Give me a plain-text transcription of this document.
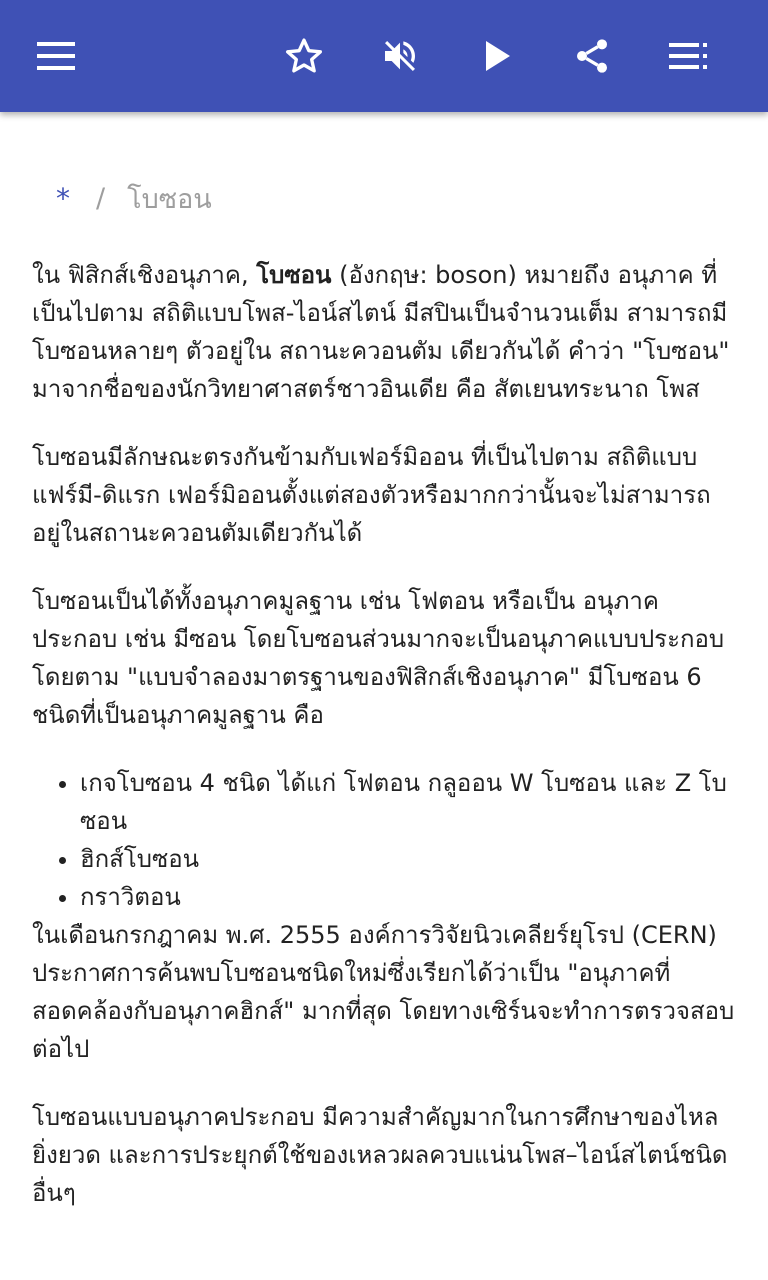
* / โบซอน

ใน ฟิสิกส์เชิงอนุภาค, โบซอน (อังกฤษ: boson) หมายถึง อนุภาค ที่เป็นไปตาม สถิติแบบโพส-ไอน์สไตน์ มีสปินเป็นจำนวนเต็ม สามารถมีโบซอนหลายๆ ตัวอยู่ใน สถานะควอนตัม เดียวกันได้ คำว่า "โบซอน" มาจากชื่อของนักวิทยาศาสตร์ชาวอินเดีย คือ สัตเยนทระนาถ โพส

โบซอนมีลักษณะตรงกันข้ามกับเฟอร์มิออน ที่เป็นไปตาม สถิติแบบแฟร์มี-ดิแรก เฟอร์มิออนตั้งแต่สองตัวหรือมากกว่านั้นจะไม่สามารถอยู่ในสถานะควอนตัมเดียวกันได้

โบซอนเป็นได้ทั้งอนุภาคมูลฐาน เช่น โฟตอน หรือเป็น อนุภาคประกอบ เช่น มีซอน โดยโบซอนส่วนมากจะเป็นอนุภาคแบบประกอบ โดยตาม "แบบจำลองมาตรฐานของฟิสิกส์เชิงอนุภาค" มีโบซอน 6 ชนิดที่เป็นอนุภาคมูลฐาน คือ

• เกจโบซอน 4 ชนิด ได้แก่ โฟตอน กลูออน W โบซอน และ Z โบซอน
• ฮิกส์โบซอน
• กราวิตอน

ในเดือนกรกฎาคม พ.ศ. 2555 องค์การวิจัยนิวเคลียร์ยุโรป (CERN) ประกาศการค้นพบโบซอนชนิดใหม่ซึ่งเรียกได้ว่าเป็น "อนุภาคที่สอดคล้องกับอนุภาคฮิกส์" มากที่สุด โดยทางเซิร์นจะทำการตรวจสอบต่อไป

โบซอนแบบอนุภาคประกอบ มีความสำคัญมากในการศึกษาของไหลยิ่งยวด และการประยุกต์ใช้ของเหลวผลควบแน่นโพส–ไอน์สไตน์ชนิดอื่นๆ
